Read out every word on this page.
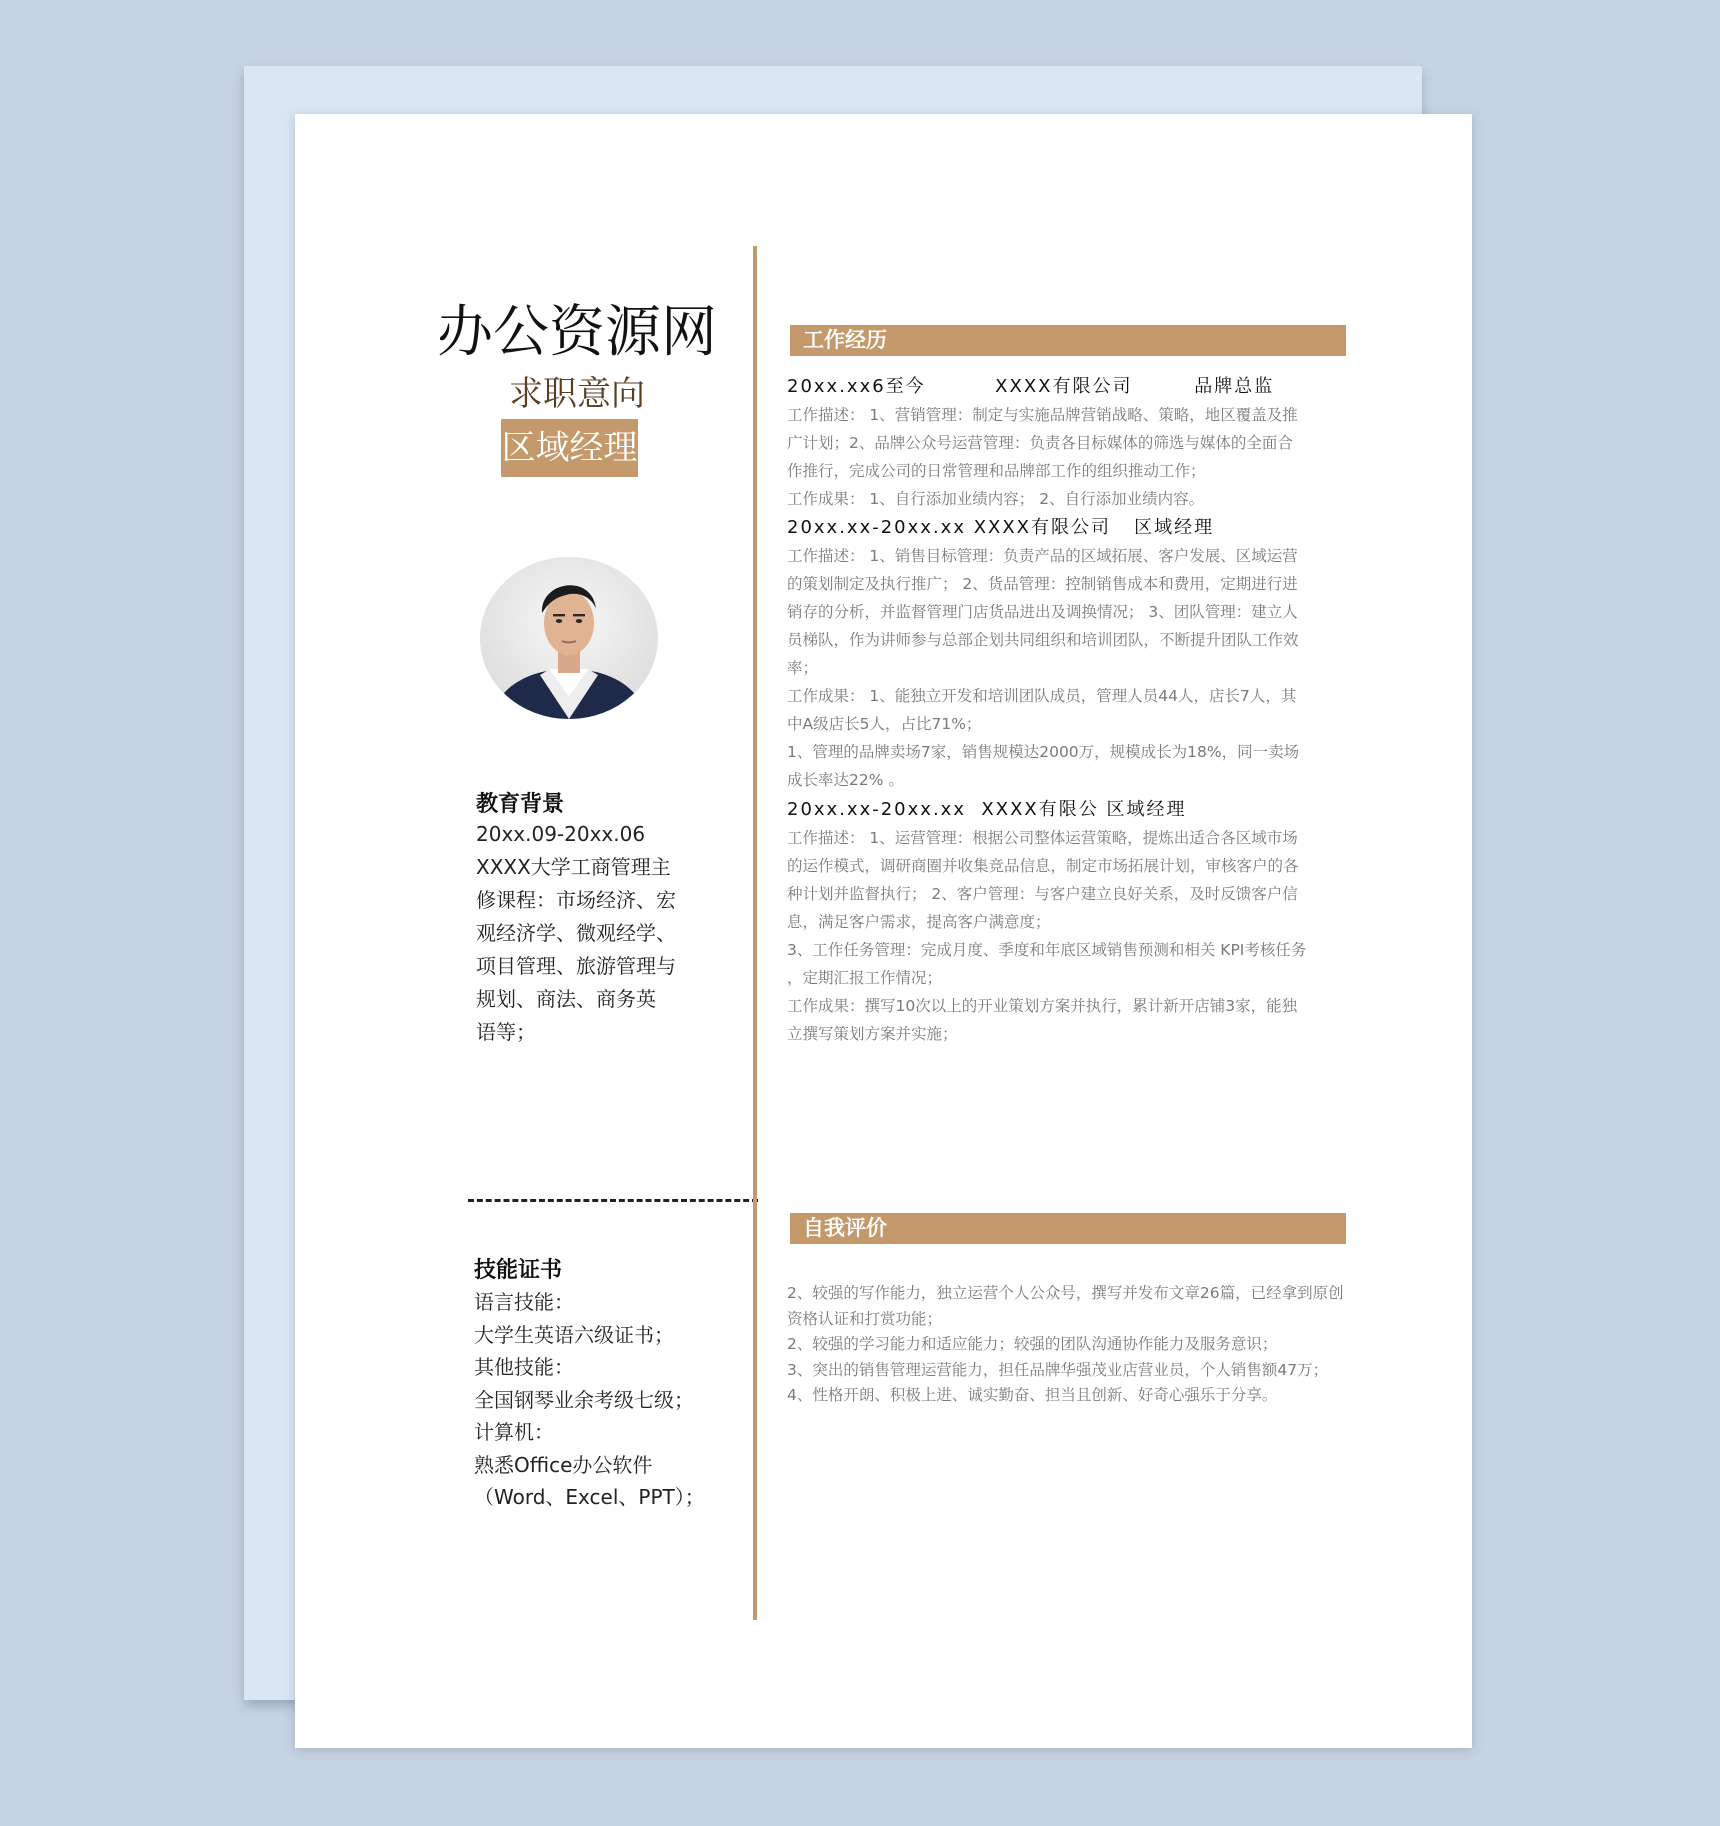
办公资源网
求职意向
区域经理
教育背景
20xx.09-20xx.06
XXXX大学工商管理主
修课程：市场经济、宏
观经济学、微观经学、
项目管理、旅游管理与
规划、商法、商务英
语等；
技能证书
语言技能：
大学生英语六级证书；
其他技能：
全国钢琴业余考级七级；
计算机：
熟悉Office办公软件
（Word、Excel、PPT）；
工作经历
20xx.xx6至今         XXXX有限公司        品牌总监
工作描述： 1、营销管理：制定与实施品牌营销战略、策略，地区覆盖及推
广计划；2、品牌公众号运营管理：负责各目标媒体的筛选与媒体的全面合
作推行，完成公司的日常管理和品牌部工作的组织推动工作；
工作成果： 1、自行添加业绩内容； 2、自行添加业绩内容。
20xx.xx-20xx.xx XXXX有限公司   区域经理
工作描述： 1、销售目标管理：负责产品的区域拓展、客户发展、区域运营
的策划制定及执行推广； 2、货品管理：控制销售成本和费用，定期进行进
销存的分析，并监督管理门店货品进出及调换情况； 3、团队管理：建立人
员梯队，作为讲师参与总部企划共同组织和培训团队，不断提升团队工作效
率；
工作成果： 1、能独立开发和培训团队成员，管理人员44人，店长7人，其
中A级店长5人，占比71%；
1、管理的品牌卖场7家，销售规模达2000万，规模成长为18%，同一卖场
成长率达22% 。
20xx.xx-20xx.xx  XXXX有限公 区域经理
工作描述： 1、运营管理：根据公司整体运营策略，提炼出适合各区域市场
的运作模式，调研商圈并收集竞品信息，制定市场拓展计划，审核客户的各
种计划并监督执行； 2、客户管理：与客户建立良好关系，及时反馈客户信
息，满足客户需求，提高客户满意度；
3、工作任务管理：完成月度、季度和年底区域销售预测和相关 KPI考核任务
，定期汇报工作情况；
工作成果：撰写10次以上的开业策划方案并执行，累计新开店铺3家，能独
立撰写策划方案并实施；
自我评价
2、较强的写作能力，独立运营个人公众号，撰写并发布文章26篇，已经拿到原创
资格认证和打赏功能；
2、较强的学习能力和适应能力；较强的团队沟通协作能力及服务意识；
3、突出的销售管理运营能力，担任品牌华强茂业店营业员，个人销售额47万；
4、性格开朗、积极上进、诚实勤奋、担当且创新、好奇心强乐于分享。
